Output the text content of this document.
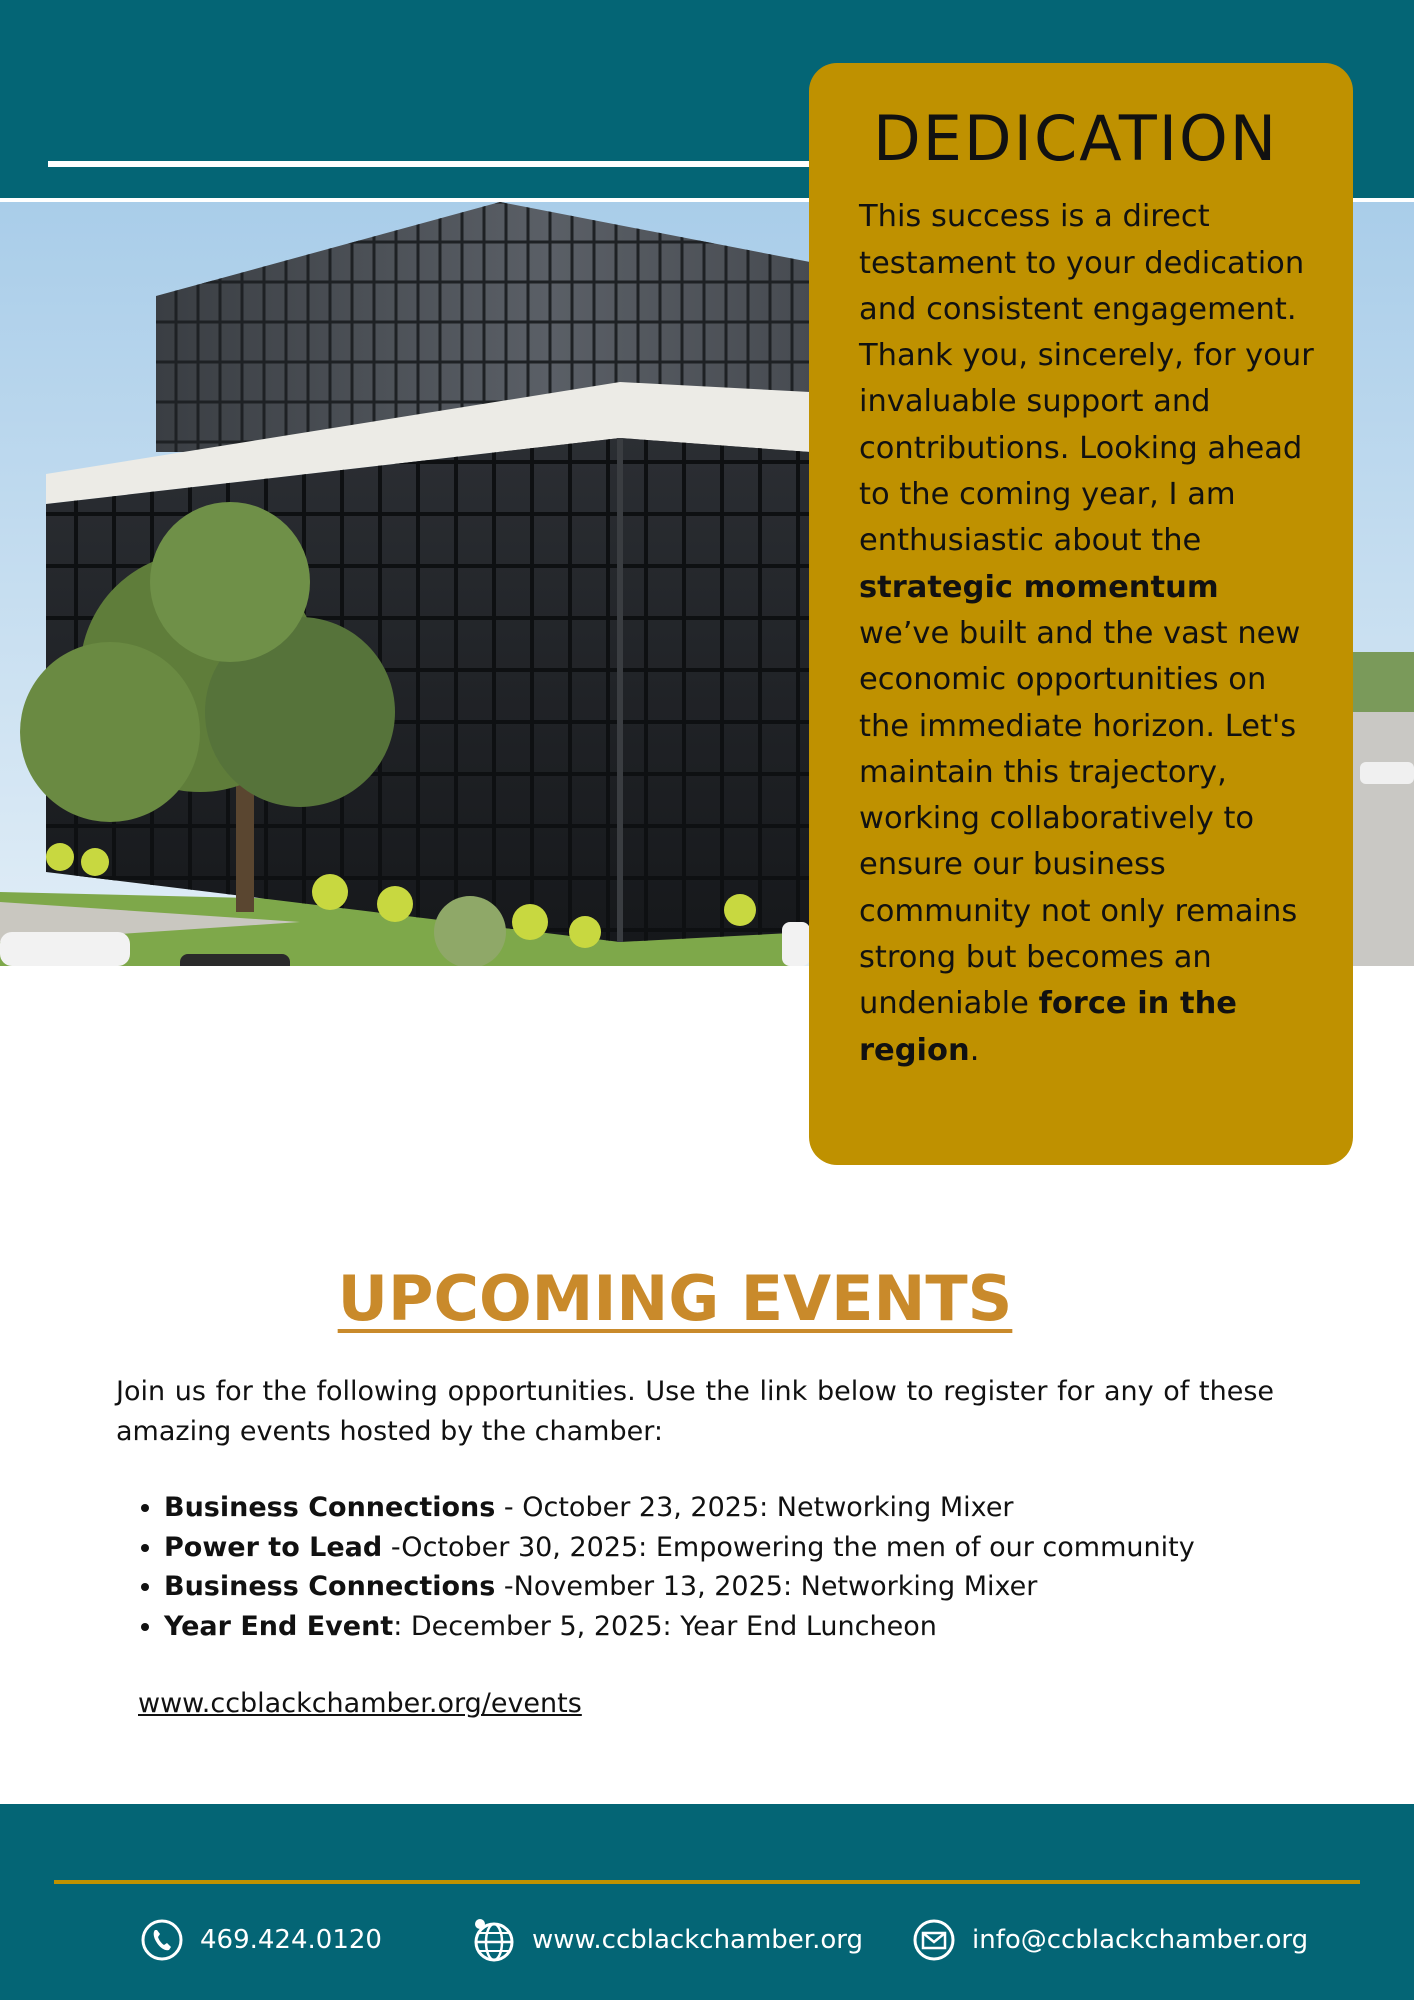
DEDICATION

This success is a direct testament to your dedication and consistent engagement. Thank you, sincerely, for your invaluable support and contributions. Looking ahead to the coming year, I am enthusiastic about the strategic momentum we’ve built and the vast new economic opportunities on the immediate horizon. Let's maintain this trajectory, working collaboratively to ensure our business community not only remains strong but becomes an undeniable force in the region.

UPCOMING EVENTS

Join us for the following opportunities. Use the link below to register for any of these amazing events hosted by the chamber:

• Business Connections - October 23, 2025: Networking Mixer
• Power to Lead -October 30, 2025: Empowering the men of our community
• Business Connections -November 13, 2025: Networking Mixer
• Year End Event: December 5, 2025: Year End Luncheon
www.ccblackchamber.org/events
469.424.0120	www.ccblackchamber.org	info@ccblackchamber.org
